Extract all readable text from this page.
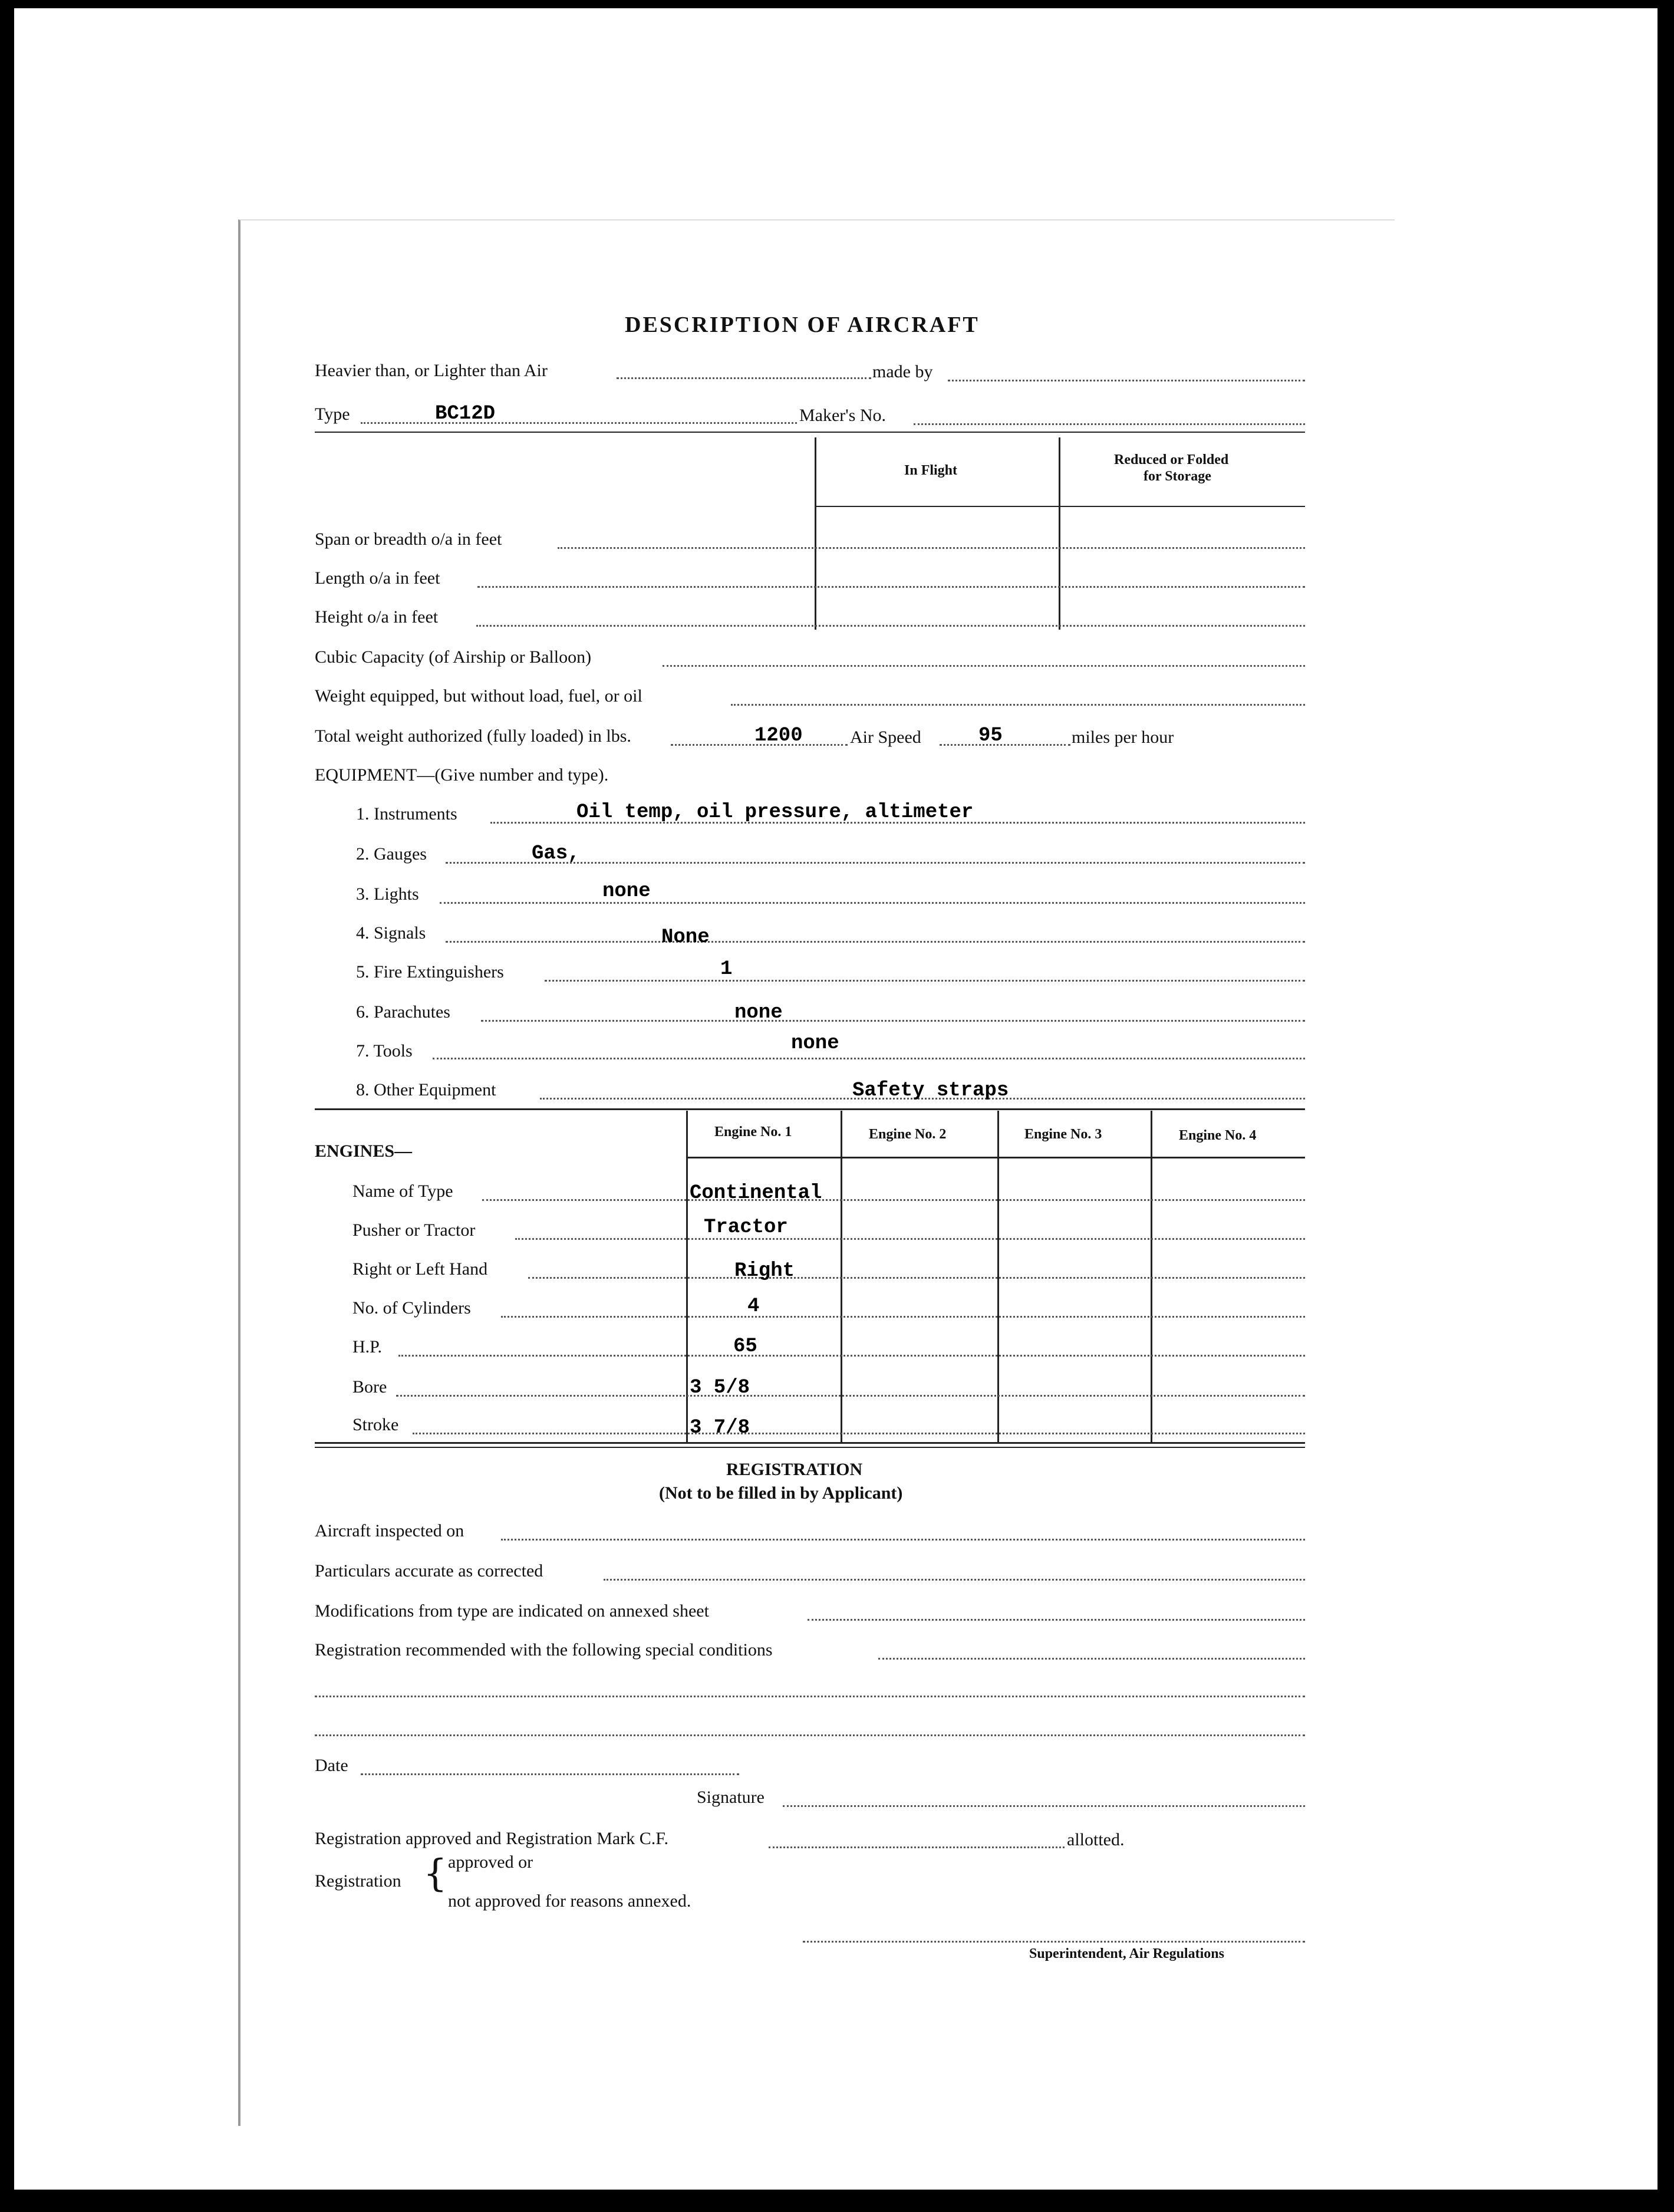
DESCRIPTION OF AIRCRAFT
Heavier than, or Lighter than Air	made by
Type	BC12D	Maker's No.
In Flight
Reduced or Folded
for Storage
Span or breadth o/a in feet
Length o/a in feet
Height o/a in feet
Cubic Capacity (of Airship or Balloon)
Weight equipped, but without load, fuel, or oil
Total weight authorized (fully loaded) in lbs.	1200	Air Speed	95	miles per hour
EQUIPMENT—(Give number and type).
1. Instruments	Oil temp, oil pressure, altimeter
2. Gauges	Gas,
3. Lights	none
4. Signals	None
5. Fire Extinguishers	1
6. Parachutes	none
7. Tools	none
8. Other Equipment	Safety straps
ENGINES—
Engine No. 1	Engine No. 2	Engine No. 3	Engine No. 4
Name of Type	Continental
Pusher or Tractor	Tractor
Right or Left Hand	Right
No. of Cylinders	4
H.P.	65
Bore	3 5/8
Stroke	3 7/8
REGISTRATION
(Not to be filled in by Applicant)
Aircraft inspected on
Particulars accurate as corrected
Modifications from type are indicated on annexed sheet
Registration recommended with the following special conditions
Date
Signature
Registration approved and Registration Mark C.F.	allotted.
Registration { approved or
not approved for reasons annexed.
Superintendent, Air Regulations
